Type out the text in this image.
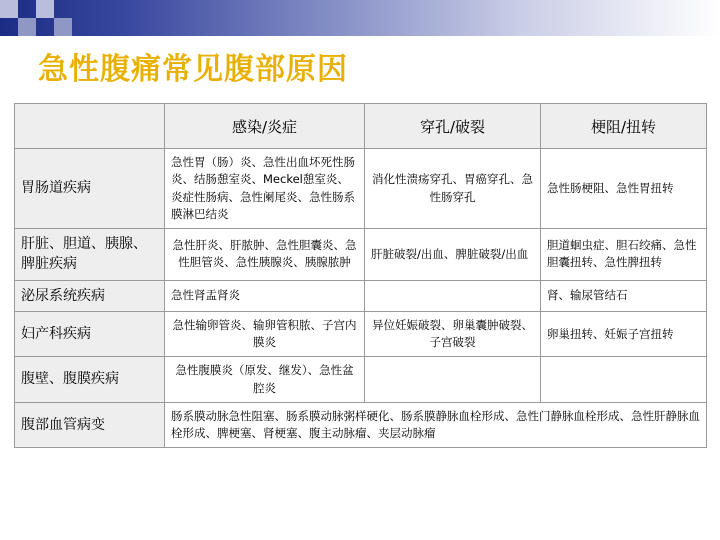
急性腹痛常见腹部原因
	感染/炎症	穿孔/破裂	梗阻/扭转
胃肠道疾病	急性胃（肠）炎、急性出血坏死性肠炎、结肠憩室炎、Meckel憩室炎、炎症性肠病、急性阑尾炎、急性肠系膜淋巴结炎	消化性溃疡穿孔、胃癌穿孔、急性肠穿孔	急性肠梗阻、急性胃扭转
肝脏、胆道、胰腺、脾脏疾病	急性肝炎、肝脓肿、急性胆囊炎、急性胆管炎、急性胰腺炎、胰腺脓肿	肝脏破裂/出血、脾脏破裂/出血	胆道蛔虫症、胆石绞痛、急性胆囊扭转、急性脾扭转
泌尿系统疾病	急性肾盂肾炎		肾、输尿管结石
妇产科疾病	急性输卵管炎、输卵管积脓、子宫内膜炎	异位妊娠破裂、卵巢囊肿破裂、子宫破裂	卵巢扭转、妊娠子宫扭转
腹壁、腹膜疾病	急性腹膜炎（原发、继发）、急性盆腔炎		
腹部血管病变	肠系膜动脉急性阻塞、肠系膜动脉粥样硬化、肠系膜静脉血栓形成、急性门静脉血栓形成、急性肝静脉血栓形成、脾梗塞、肾梗塞、腹主动脉瘤、夹层动脉瘤		
